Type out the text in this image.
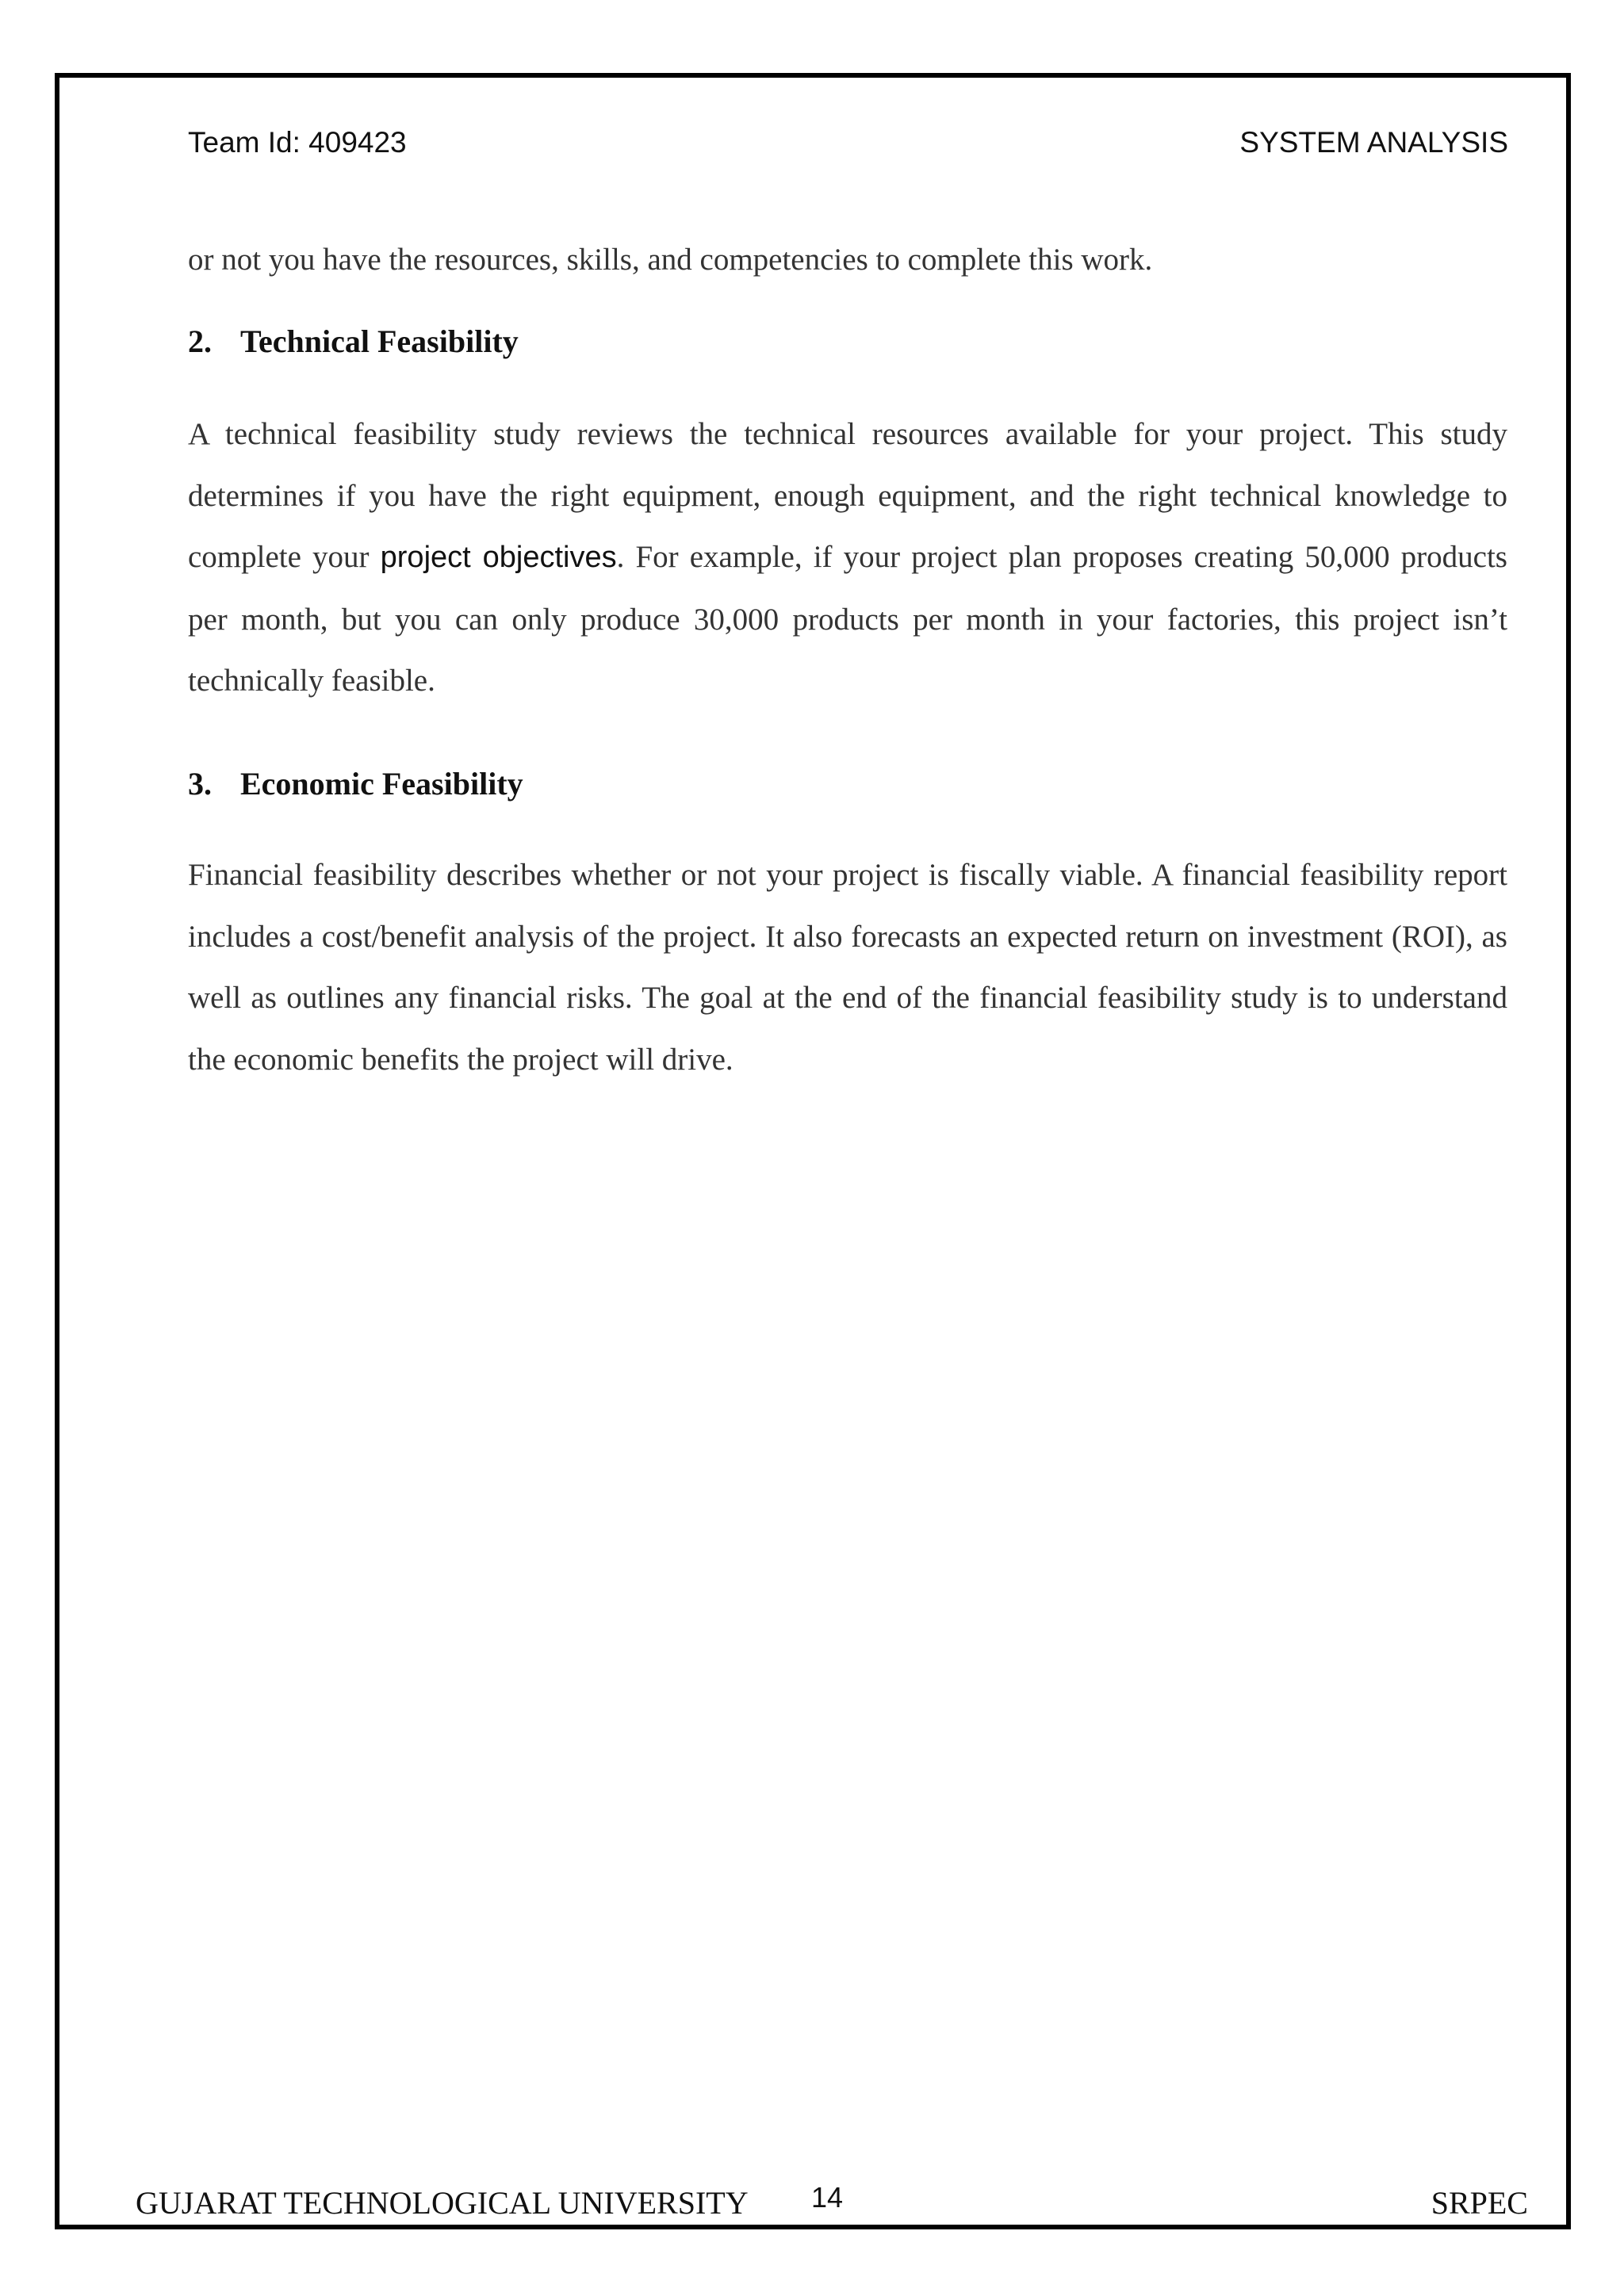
Team Id: 409423	SYSTEM ANALYSIS
or not you have the resources, skills, and competencies to complete this work.
2. Technical Feasibility

A technical feasibility study reviews the technical resources available for your project. This study determines if you have the right equipment, enough equipment, and the right technical knowledge to complete your project objectives. For example, if your project plan proposes creating 50,000 products per month, but you can only produce 30,000 products per month in your factories, this project isn’t technically feasible.

3. Economic Feasibility

Financial feasibility describes whether or not your project is fiscally viable. A financial feasibility report includes a cost/benefit analysis of the project. It also forecasts an expected return on investment (ROI), as well as outlines any financial risks. The goal at the end of the financial feasibility study is to understand the economic benefits the project will drive.

GUJARAT TECHNOLOGICAL UNIVERSITY 14	SRPEC
